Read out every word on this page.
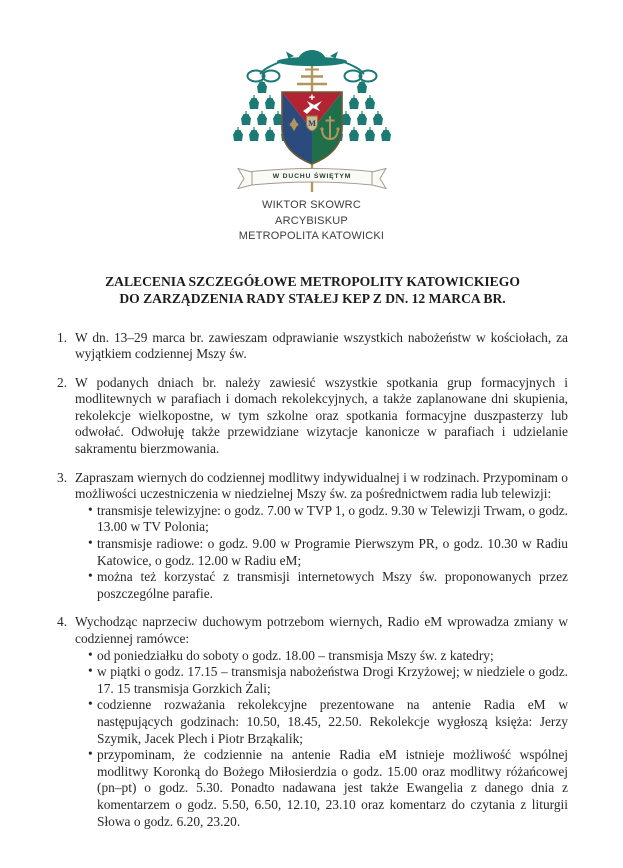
M
W DUCHU ŚWIĘTYM
WIKTOR SKOWRC
ARCYBISKUP
METROPOLITA KATOWICKI
ZALECENIA SZCZEGÓŁOWE METROPOLITY KATOWICKIEGO
DO ZARZĄDZENIA RADY STAŁEJ KEP Z DN. 12 MARCA BR.
1. W dn. 13–29 marca br. zawieszam odprawianie wszystkich nabożeństw w kościołach, za wyjątkiem codziennej Mszy św.
2. W podanych dniach br. należy zawiesić wszystkie spotkania grup formacyjnych i modlitewnych w parafiach i domach rekolekcyjnych, a także zaplanowane dni skupienia, rekolekcje wielkopostne, w tym szkolne oraz spotkania formacyjne duszpasterzy lub odwołać. Odwołuję także przewidziane wizytacje kanonicze w parafiach i udzielanie sakramentu bierzmowania.
3. Zapraszam wiernych do codziennej modlitwy indywidualnej i w rodzinach. Przypominam o możliwości uczestniczenia w niedzielnej Mszy św. za pośrednictwem radia lub telewizji:
• transmisje telewizyjne: o godz. 7.00 w TVP 1, o godz. 9.30 w Telewizji Trwam, o godz. 13.00 w TV Polonia;
• transmisje radiowe: o godz. 9.00 w Programie Pierwszym PR, o godz. 10.30 w Radiu Katowice, o godz. 12.00 w Radiu eM;
• można też korzystać z transmisji internetowych Mszy św. proponowanych przez poszczególne parafie.
4. Wychodząc naprzeciw duchowym potrzebom wiernych, Radio eM wprowadza zmiany w codziennej ramówce:
• od poniedziałku do soboty o godz. 18.00 – transmisja Mszy św. z katedry;
• w piątki o godz. 17.15 – transmisja nabożeństwa Drogi Krzyżowej; w niedziele o godz. 17. 15 transmisja Gorzkich Żali;
• codzienne rozważania rekolekcyjne prezentowane na antenie Radia eM w następujących godzinach: 10.50, 18.45, 22.50. Rekolekcje wygłoszą księża: Jerzy Szymik, Jacek Plech i Piotr Brząkalik;
• przypominam, że codziennie na antenie Radia eM istnieje możliwość wspólnej modlitwy Koronką do Bożego Miłosierdzia o godz. 15.00 oraz modlitwy różańcowej (pn–pt) o godz. 5.30. Ponadto nadawana jest także Ewangelia z danego dnia z komentarzem o godz. 5.50, 6.50, 12.10, 23.10 oraz komentarz do czytania z liturgii Słowa o godz. 6.20, 23.20.
